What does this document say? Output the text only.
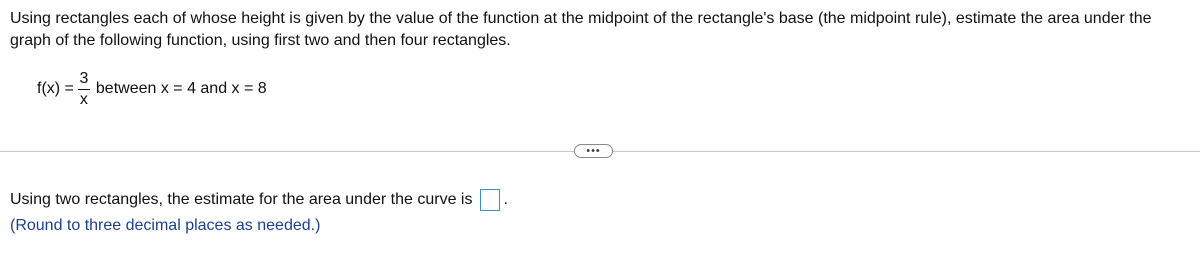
Using rectangles each of whose height is given by the value of the function at the midpoint of the rectangle's base (the midpoint rule), estimate the area under the graph of the following function, using first two and then four rectangles.

$f(x) = \frac{3}{x}$ between x = 4 and x = 8
•••
Using two rectangles, the estimate for the area under the curve is .
(Round to three decimal places as needed.)
